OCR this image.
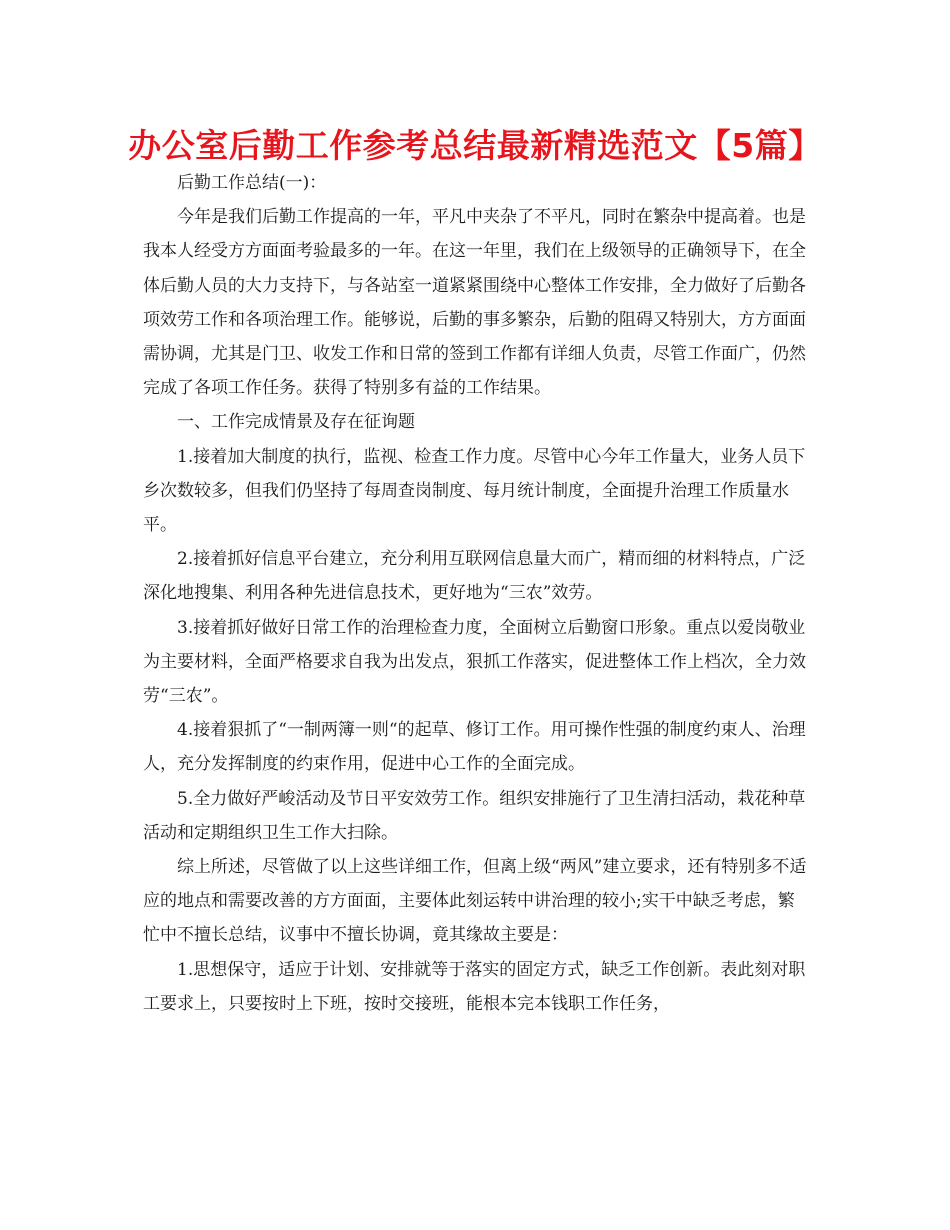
办公室后勤工作参考总结最新精选范文【5篇】

后勤工作总结(一)：

今年是我们后勤工作提高的一年，平凡中夹杂了不平凡，同时在繁杂中提高着。也是我本人经受方方面面考验最多的一年。在这一年里，我们在上级领导的正确领导下，在全体后勤人员的大力支持下，与各站室一道紧紧围绕中心整体工作安排，全力做好了后勤各项效劳工作和各项治理工作。能够说，后勤的事多繁杂，后勤的阻碍又特别大，方方面面需协调，尤其是门卫、收发工作和日常的签到工作都有详细人负责，尽管工作面广，仍然完成了各项工作任务。获得了特别多有益的工作结果。

一、工作完成情景及存在征询题

1.接着加大制度的执行，监视、检查工作力度。尽管中心今年工作量大，业务人员下乡次数较多，但我们仍坚持了每周查岗制度、每月统计制度，全面提升治理工作质量水平。

2.接着抓好信息平台建立，充分利用互联网信息量大而广，精而细的材料特点，广泛深化地搜集、利用各种先进信息技术，更好地为“三农”效劳。

3.接着抓好做好日常工作的治理检查力度，全面树立后勤窗口形象。重点以爱岗敬业为主要材料，全面严格要求自我为出发点，狠抓工作落实，促进整体工作上档次，全力效劳“三农”。

4.接着狠抓了“一制两簿一则“的起草、修订工作。用可操作性强的制度约束人、治理人，充分发挥制度的约束作用，促进中心工作的全面完成。

5.全力做好严峻活动及节日平安效劳工作。组织安排施行了卫生清扫活动，栽花种草活动和定期组织卫生工作大扫除。

综上所述，尽管做了以上这些详细工作，但离上级“两风”建立要求，还有特别多不适应的地点和需要改善的方方面面，主要体此刻运转中讲治理的较小;实干中缺乏考虑，繁忙中不擅长总结，议事中不擅长协调，竟其缘故主要是：

1.思想保守，适应于计划、安排就等于落实的固定方式，缺乏工作创新。表此刻对职工要求上，只要按时上下班，按时交接班，能根本完本钱职工作任务，
